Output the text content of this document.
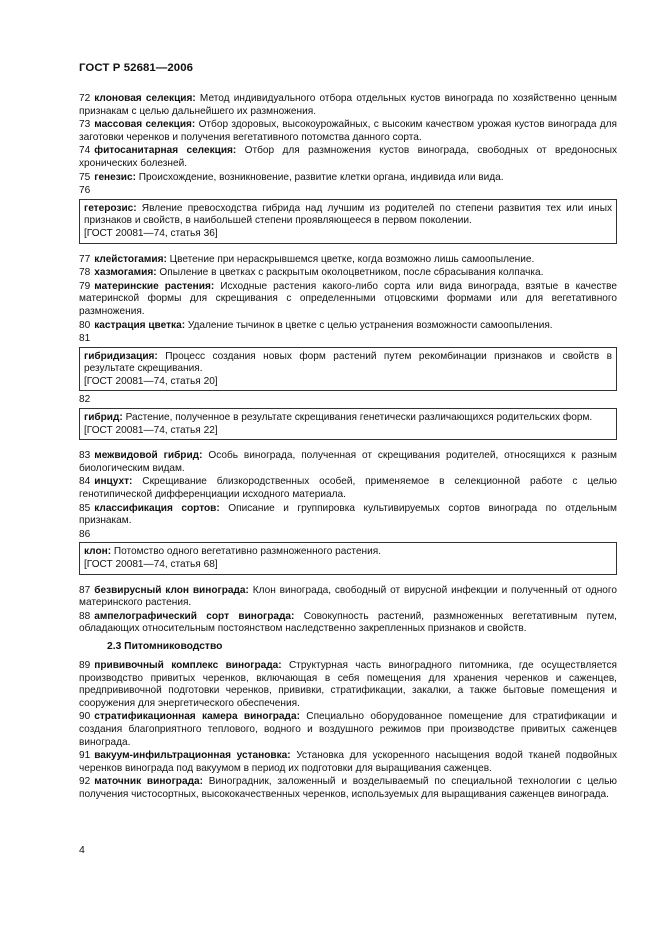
ГОСТ Р 52681—2006

72 клоновая селекция: Метод индивидуального отбора отдельных кустов винограда по хозяйственно ценным признакам с целью дальнейшего их размножения.

73 массовая селекция: Отбор здоровых, высокоурожайных, с высоким качеством урожая кустов винограда для заготовки черенков и получения вегетативного потомства данного сорта.

74 фитосанитарная селекция: Отбор для размножения кустов винограда, свободных от вредоносных хронических болезней.

75 генезис: Происхождение, возникновение, развитие клетки органа, индивида или вида.

76

гетерозис: Явление превосходства гибрида над лучшим из родителей по степени развития тех или иных признаков и свойств, в наибольшей степени проявляющееся в первом поколении.
[ГОСТ 20081—74, статья 36]

77 клейстогамия: Цветение при нераскрывшемся цветке, когда возможно лишь самоопыление.

78 хазмогамия: Опыление в цветках с раскрытым околоцветником, после сбрасывания колпачка.

79 материнские растения: Исходные растения какого-либо сорта или вида винограда, взятые в качестве материнской формы для скрещивания с определенными отцовскими формами или для вегетативного размножения.

80 кастрация цветка: Удаление тычинок в цветке с целью устранения возможности самоопыления.

81

гибридизация: Процесс создания новых форм растений путем рекомбинации признаков и свойств в результате скрещивания.
[ГОСТ 20081—74, статья 20]

82

гибрид: Растение, полученное в результате скрещивания генетически различающихся родительских форм.
[ГОСТ 20081—74, статья 22]

83 межвидовой гибрид: Особь винограда, полученная от скрещивания родителей, относящихся к разным биологическим видам.

84 инцухт: Скрещивание близкородственных особей, применяемое в селекционной работе с целью генотипической дифференциации исходного материала.

85 классификация сортов: Описание и группировка культивируемых сортов винограда по отдельным признакам.

86

клон: Потомство одного вегетативно размноженного растения.
[ГОСТ 20081—74, статья 68]

87 безвирусный клон винограда: Клон винограда, свободный от вирусной инфекции и полученный от одного материнского растения.

88 ампелографический сорт винограда: Совокупность растений, размноженных вегетативным путем, обладающих относительным постоянством наследственно закрепленных признаков и свойств.

2.3 Питомниководство

89 прививочный комплекс винограда: Структурная часть виноградного питомника, где осуществляется производство привитых черенков, включающая в себя помещения для хранения черенков и саженцев, предпрививочной подготовки черенков, прививки, стратификации, закалки, а также бытовые помещения и сооружения для энергетического обеспечения.

90 стратификационная камера винограда: Специально оборудованное помещение для стратификации и создания благоприятного теплового, водного и воздушного режимов при производстве привитых саженцев винограда.

91 вакуум-инфильтрационная установка: Установка для ускоренного насыщения водой тканей подвойных черенков винограда под вакуумом в период их подготовки для выращивания саженцев.

92 маточник винограда: Виноградник, заложенный и возделываемый по специальной технологии с целью получения чистосортных, высококачественных черенков, используемых для выращивания саженцев винограда.

4
